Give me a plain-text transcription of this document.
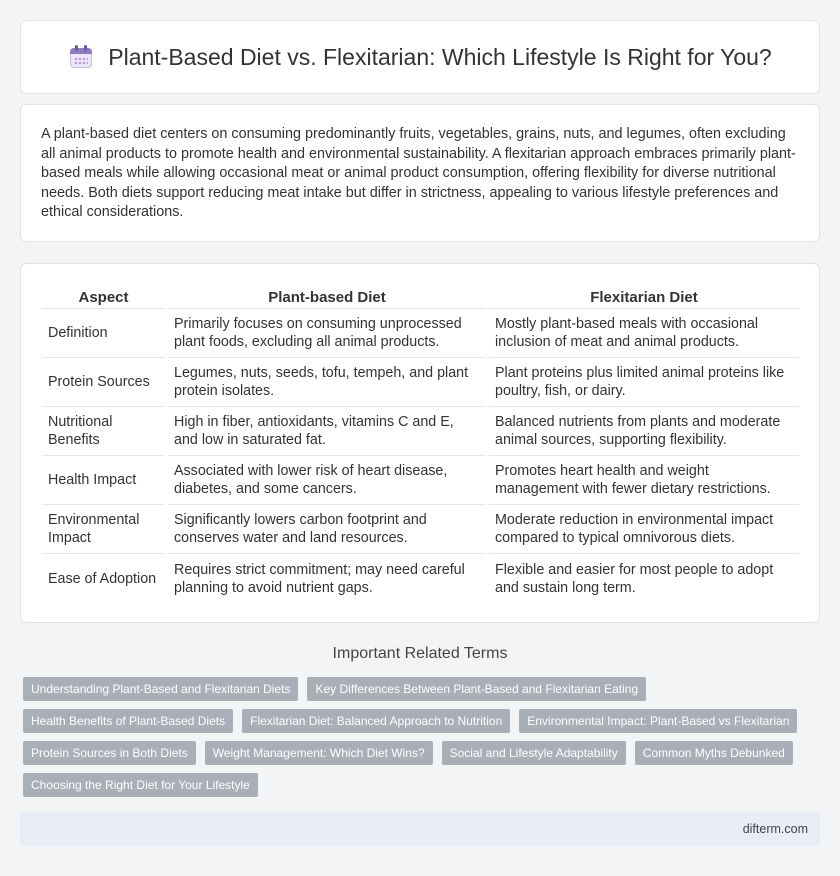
Plant-Based Diet vs. Flexitarian: Which Lifestyle Is Right for You?

A plant-based diet centers on consuming predominantly fruits, vegetables, grains, nuts, and legumes, often excluding all animal products to promote health and environmental sustainability. A flexitarian approach embraces primarily plant-based meals while allowing occasional meat or animal product consumption, offering flexibility for diverse nutritional needs. Both diets support reducing meat intake but differ in strictness, appealing to various lifestyle preferences and ethical considerations.

Aspect		Plant-based Diet		Flexitarian Diet
Definition		Primarily focuses on consuming unprocessed plant foods, excluding all animal products.		Mostly plant-based meals with occasional inclusion of meat and animal products.
Protein Sources		Legumes, nuts, seeds, tofu, tempeh, and plant protein isolates.		Plant proteins plus limited animal proteins like poultry, fish, or dairy.
Nutritional Benefits		High in fiber, antioxidants, vitamins C and E, and low in saturated fat.		Balanced nutrients from plants and moderate animal sources, supporting flexibility.
Health Impact		Associated with lower risk of heart disease, diabetes, and some cancers.		Promotes heart health and weight management with fewer dietary restrictions.
Environmental Impact		Significantly lowers carbon footprint and conserves water and land resources.		Moderate reduction in environmental impact compared to typical omnivorous diets.
Ease of Adoption		Requires strict commitment; may need careful planning to avoid nutrient gaps.		Flexible and easier for most people to adopt and sustain long term.
Important Related Terms
Understanding Plant-Based and Flexitarian Diets	Key Differences Between Plant-Based and Flexitarian Eating
Health Benefits of Plant-Based Diets	Flexitarian Diet: Balanced Approach to Nutrition	Environmental Impact: Plant-Based vs Flexitarian
Protein Sources in Both Diets	Weight Management: Which Diet Wins?	Social and Lifestyle Adaptability	Common Myths Debunked
Choosing the Right Diet for Your Lifestyle
difterm.com
